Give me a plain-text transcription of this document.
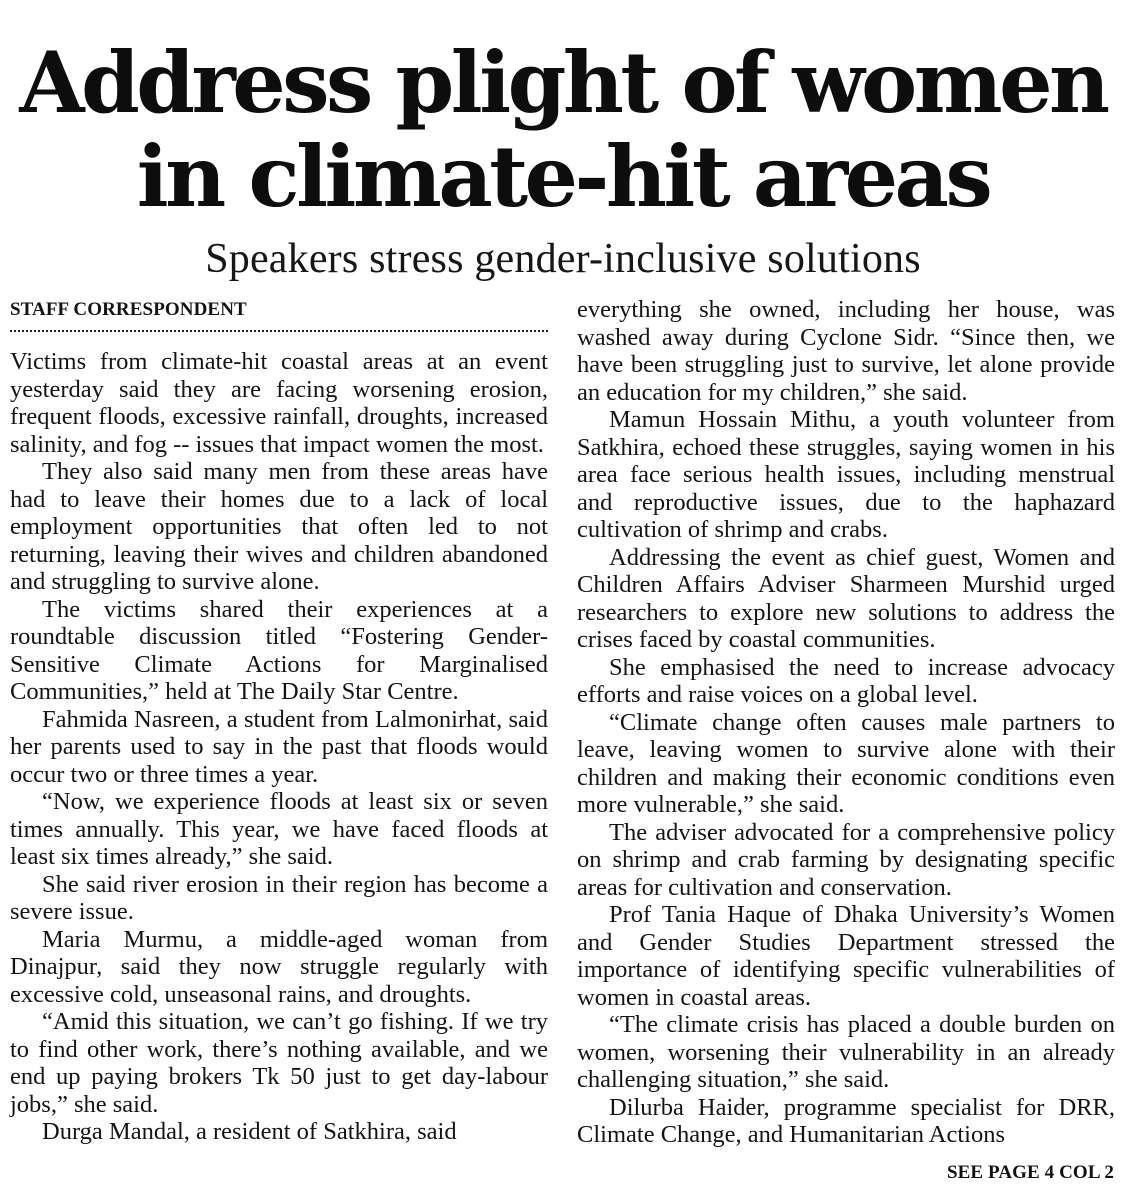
Address plight of women
in climate-hit areas
Speakers stress gender-inclusive solutions
STAFF CORRESPONDENT

Victims from climate-hit coastal areas at an event yesterday said they are facing worsening erosion, frequent floods, excessive rainfall, droughts, increased salinity, and fog -- issues that impact women the most.

They also said many men from these areas have had to leave their homes due to a lack of local employment opportunities that often led to not returning, leaving their wives and children abandoned and struggling to survive alone.

The victims shared their experiences at a roundtable discussion titled “Fostering Gender-Sensitive Climate Actions for Marginalised Communities,” held at The Daily Star Centre.

Fahmida Nasreen, a student from Lalmonirhat, said her parents used to say in the past that floods would occur two or three times a year.

“Now, we experience floods at least six or seven times annually. This year, we have faced floods at least six times already,” she said.

She said river erosion in their region has become a severe issue.

Maria Murmu, a middle-aged woman from Dinajpur, said they now struggle regularly with excessive cold, unseasonal rains, and droughts.

“Amid this situation, we can’t go fishing. If we try to find other work, there’s nothing available, and we end up paying brokers Tk 50 just to get day-labour jobs,” she said.

Durga Mandal, a resident of Satkhira, said

everything she owned, including her house, was washed away during Cyclone Sidr. “Since then, we have been struggling just to survive, let alone provide an education for my children,” she said.

Mamun Hossain Mithu, a youth volunteer from Satkhira, echoed these struggles, saying women in his area face serious health issues, including menstrual and reproductive issues, due to the haphazard cultivation of shrimp and crabs.

Addressing the event as chief guest, Women and Children Affairs Adviser Sharmeen Murshid urged researchers to explore new solutions to address the crises faced by coastal communities.

She emphasised the need to increase advocacy efforts and raise voices on a global level.

“Climate change often causes male partners to leave, leaving women to survive alone with their children and making their economic conditions even more vulnerable,” she said.

The adviser advocated for a comprehensive policy on shrimp and crab farming by designating specific areas for cultivation and conservation.

Prof Tania Haque of Dhaka University’s Women and Gender Studies Department stressed the importance of identifying specific vulnerabilities of women in coastal areas.

“The climate crisis has placed a double burden on women, worsening their vulnerability in an already challenging situation,” she said.

Dilurba Haider, programme specialist for DRR, Climate Change, and Humanitarian Actions

SEE PAGE 4 COL 2
